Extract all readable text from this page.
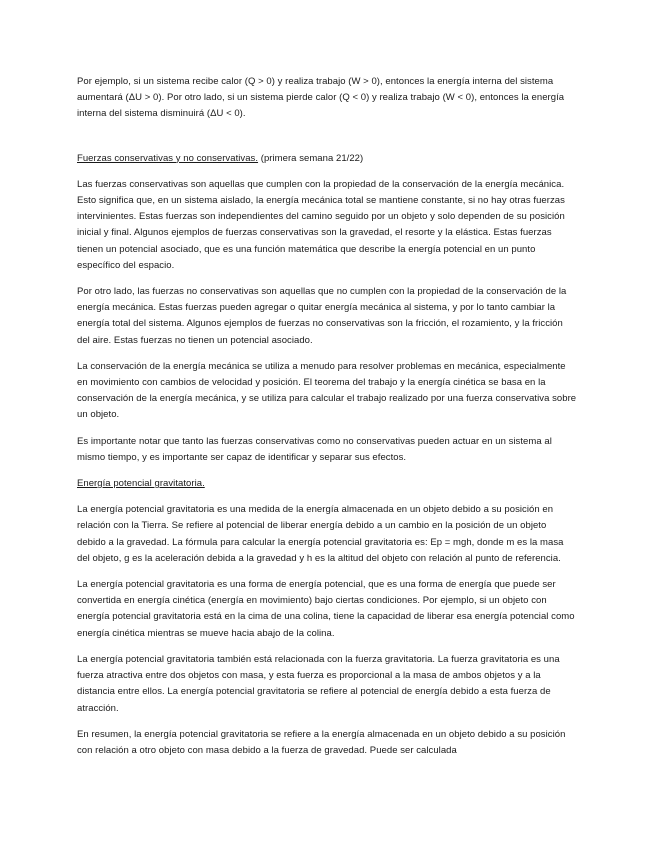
Por ejemplo, si un sistema recibe calor (Q > 0) y realiza trabajo (W > 0), entonces la energía interna del sistema aumentará (ΔU > 0). Por otro lado, si un sistema pierde calor (Q < 0) y realiza trabajo (W < 0), entonces la energía interna del sistema disminuirá (ΔU < 0).

Fuerzas conservativas y no conservativas. (primera semana 21/22)

Las fuerzas conservativas son aquellas que cumplen con la propiedad de la conservación de la energía mecánica. Esto significa que, en un sistema aislado, la energía mecánica total se mantiene constante, si no hay otras fuerzas intervinientes. Estas fuerzas son independientes del camino seguido por un objeto y solo dependen de su posición inicial y final. Algunos ejemplos de fuerzas conservativas son la gravedad, el resorte y la elástica. Estas fuerzas tienen un potencial asociado, que es una función matemática que describe la energía potencial en un punto específico del espacio.

Por otro lado, las fuerzas no conservativas son aquellas que no cumplen con la propiedad de la conservación de la energía mecánica. Estas fuerzas pueden agregar o quitar energía mecánica al sistema, y por lo tanto cambiar la energía total del sistema. Algunos ejemplos de fuerzas no conservativas son la fricción, el rozamiento, y la fricción del aire. Estas fuerzas no tienen un potencial asociado.

La conservación de la energía mecánica se utiliza a menudo para resolver problemas en mecánica, especialmente en movimiento con cambios de velocidad y posición. El teorema del trabajo y la energía cinética se basa en la conservación de la energía mecánica, y se utiliza para calcular el trabajo realizado por una fuerza conservativa sobre un objeto.

Es importante notar que tanto las fuerzas conservativas como no conservativas pueden actuar en un sistema al mismo tiempo, y es importante ser capaz de identificar y separar sus efectos.

Energía potencial gravitatoria.

La energía potencial gravitatoria es una medida de la energía almacenada en un objeto debido a su posición en relación con la Tierra. Se refiere al potencial de liberar energía debido a un cambio en la posición de un objeto debido a la gravedad. La fórmula para calcular la energía potencial gravitatoria es: Ep = mgh, donde m es la masa del objeto, g es la aceleración debida a la gravedad y h es la altitud del objeto con relación al punto de referencia.

La energía potencial gravitatoria es una forma de energía potencial, que es una forma de energía que puede ser convertida en energía cinética (energía en movimiento) bajo ciertas condiciones. Por ejemplo, si un objeto con energía potencial gravitatoria está en la cima de una colina, tiene la capacidad de liberar esa energía potencial como energía cinética mientras se mueve hacia abajo de la colina.

La energía potencial gravitatoria también está relacionada con la fuerza gravitatoria. La fuerza gravitatoria es una fuerza atractiva entre dos objetos con masa, y esta fuerza es proporcional a la masa de ambos objetos y a la distancia entre ellos. La energía potencial gravitatoria se refiere al potencial de energía debido a esta fuerza de atracción.

En resumen, la energía potencial gravitatoria se refiere a la energía almacenada en un objeto debido a su posición con relación a otro objeto con masa debido a la fuerza de gravedad. Puede ser calculada
